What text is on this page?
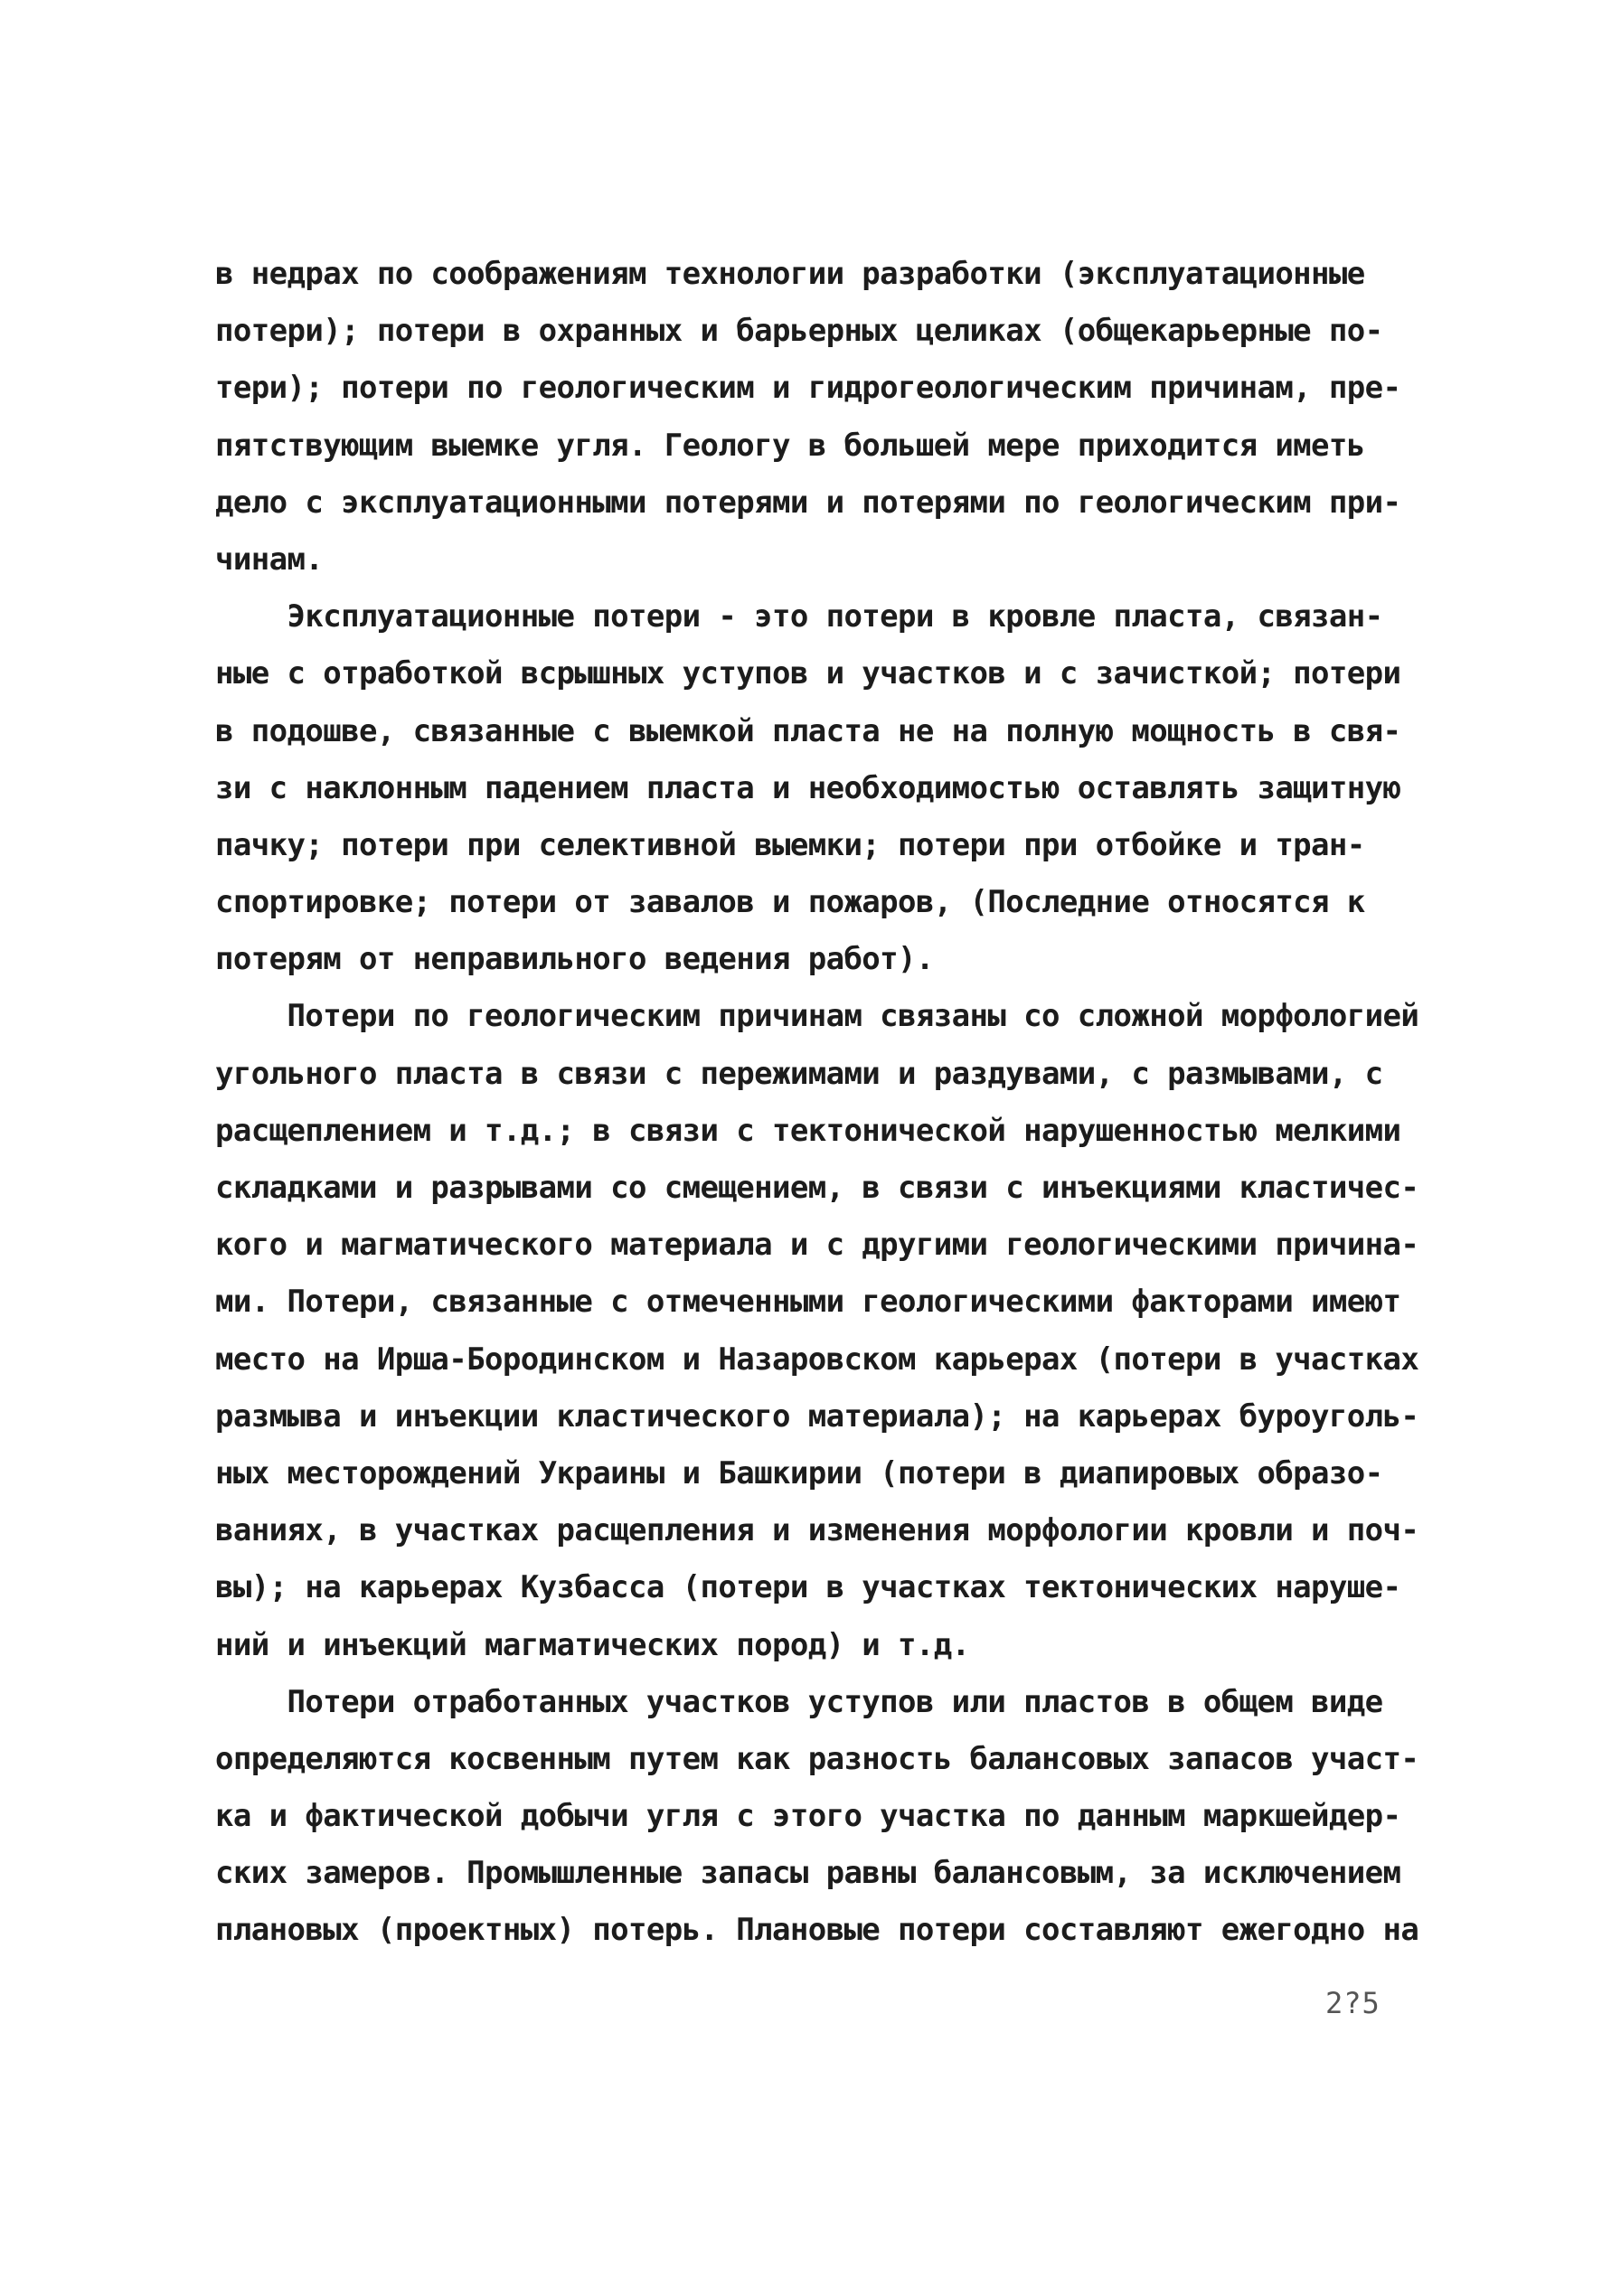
в недрах по соображениям технологии разработки (эксплуатационные
потери); потери в охранных и барьерных целиках (общекарьерные по-
тери); потери по геологическим и гидрогеологическим причинам, пре-
пятствующим выемке угля. Геологу в большей мере приходится иметь
дело с эксплуатационными потерями и потерями по геологическим при-
чинам.
Эксплуатационные потери - это потери в кровле пласта, связан-
ные с отработкой всрышных уступов и участков и с зачисткой; потери
в подошве, связанные с выемкой пласта не на полную мощность в свя-
зи с наклонным падением пласта и необходимостью оставлять защитную
пачку; потери при селективной выемки; потери при отбойке и тран-
спортировке; потери от завалов и пожаров, (Последние относятся к
потерям от неправильного ведения работ).
Потери по геологическим причинам связаны со сложной морфологией
угольного пласта в связи с пережимами и раздувами, с размывами, с
расщеплением и т.д.; в связи с тектонической нарушенностью мелкими
складками и разрывами со смещением, в связи с инъекциями кластичес-
кого и магматического материала и с другими геологическими причина-
ми. Потери, связанные с отмеченными геологическими факторами имеют
место на Ирша-Бородинском и Назаровском карьерах (потери в участках
размыва и инъекции кластического материала); на карьерах буроуголь-
ных месторождений Украины и Башкирии (потери в диапировых образо-
ваниях, в участках расщепления и изменения морфологии кровли и поч-
вы); на карьерах Кузбасса (потери в участках тектонических наруше-
ний и инъекций магматических пород) и т.д.
Потери отработанных участков уступов или пластов в общем виде
определяются косвенным путем как разность балансовых запасов участ-
ка и фактической добычи угля с этого участка по данным маркшейдер-
ских замеров. Промышленные запасы равны балансовым, за исключением
плановых (проектных) потерь. Плановые потери составляют ежегодно на
2?5
